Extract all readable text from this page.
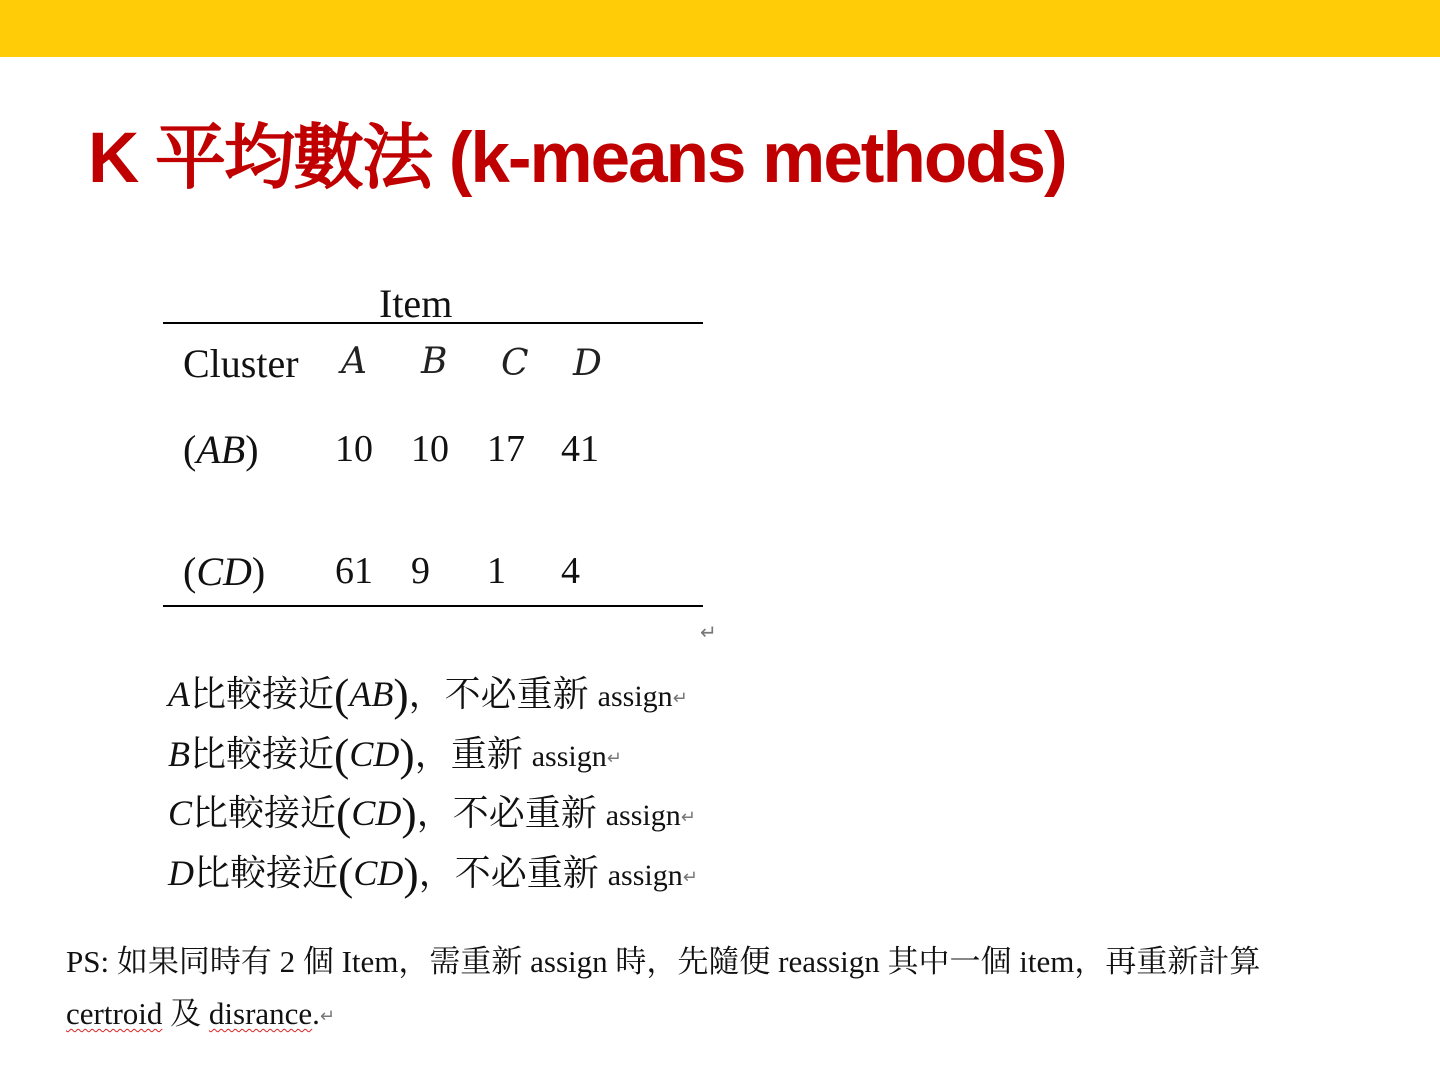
K 平均數法 (k-means methods)
Item
Cluster A B C D
(AB) 10 10 17 41
(CD) 61 9 1 4
↵
A比較接近(AB)，不必重新 assign↵
B比較接近(CD)，重新 assign↵
C比較接近(CD)，不必重新 assign↵
D比較接近(CD)，不必重新 assign↵

PS: 如果同時有 2 個 Item，需重新 assign 時，先隨便 reassign 其中一個 item，再重新計算 certroid 及 disrance.↵
